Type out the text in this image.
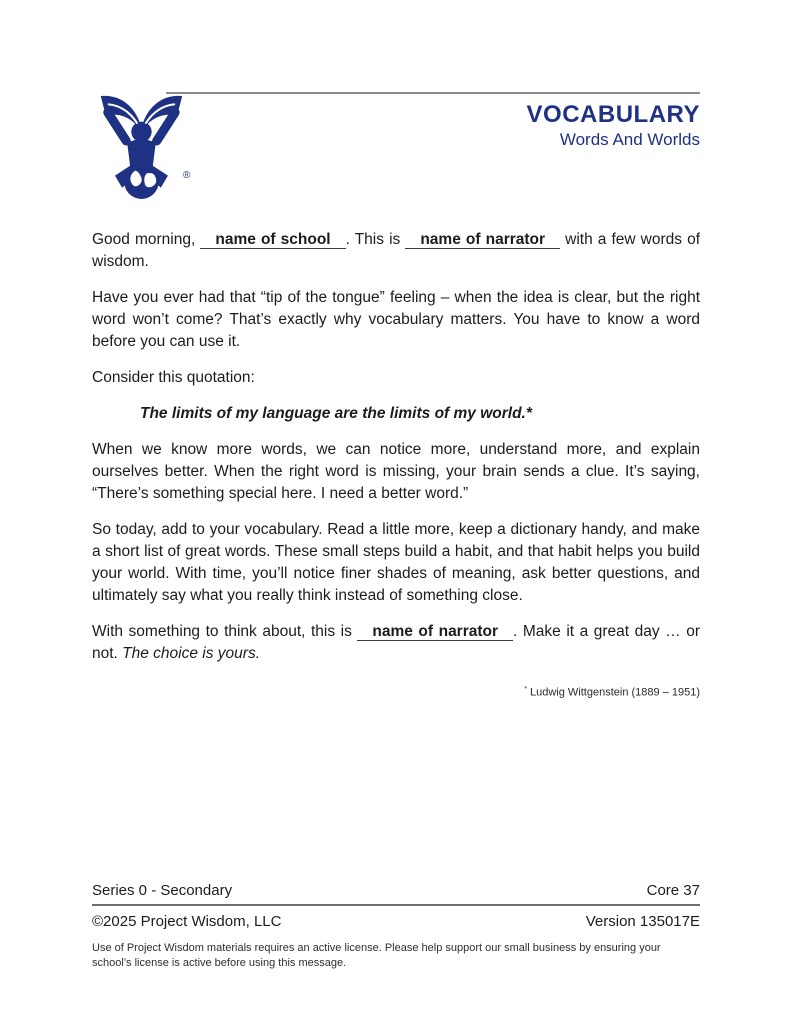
®
VOCABULARY
Words And Worlds

Good morning, name of school . This is name of narrator with a few words of wisdom.

Have you ever had that “tip of the tongue” feeling – when the idea is clear, but the right word won’t come? That’s exactly why vocabulary matters. You have to know a word before you can use it.

Consider this quotation:

The limits of my language are the limits of my world.*

When we know more words, we can notice more, understand more, and explain ourselves better. When the right word is missing, your brain sends a clue. It’s saying, “There’s something special here. I need a better word.”

So today, add to your vocabulary. Read a little more, keep a dictionary handy, and make a short list of great words. These small steps build a habit, and that habit helps you build your world. With time, you’ll notice finer shades of meaning, ask better questions, and ultimately say what you really think instead of something close.

With something to think about, this is name of narrator . Make it a great day … or not. The choice is yours.

* Ludwig Wittgenstein (1889 – 1951)

Series 0 - Secondary	Core 37
©2025 Project Wisdom, LLC	Version 135017E
Use of Project Wisdom materials requires an active license. Please help support our small business by ensuring your school’s license is active before using this message.
